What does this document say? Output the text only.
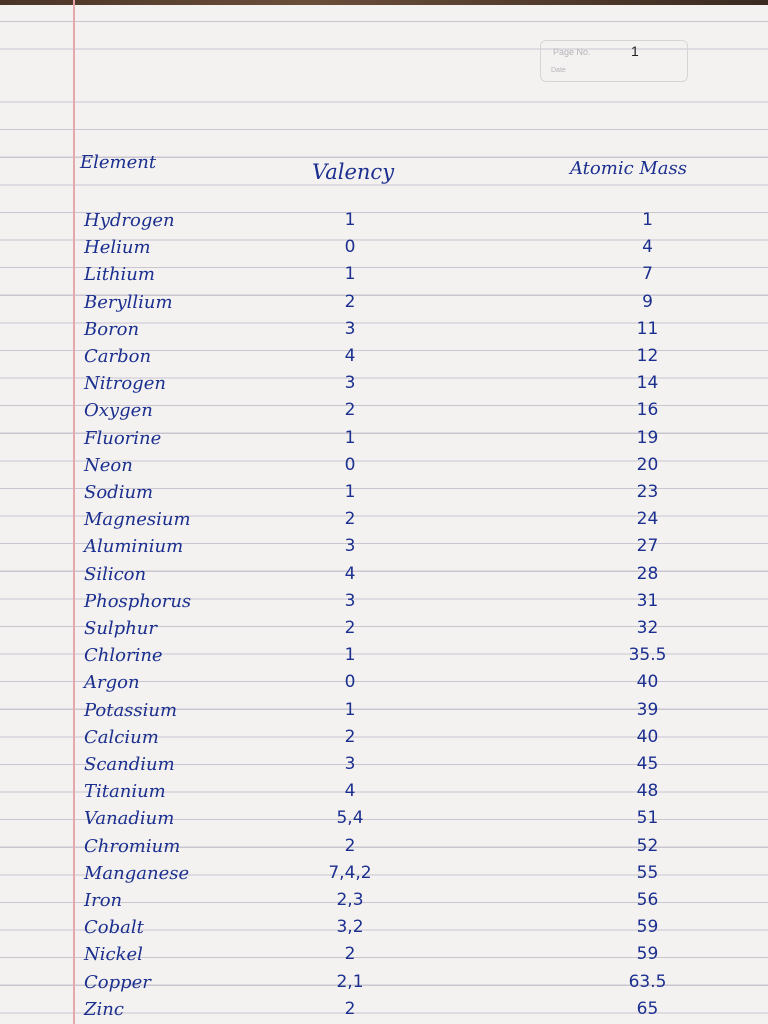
Page No.	1
Date
Element	Valency	Atomic Mass
Hydrogen	1	1
Helium	0	4
Lithium	1	7
Beryllium	2	9
Boron	3	11
Carbon	4	12
Nitrogen	3	14
Oxygen	2	16
Fluorine	1	19
Neon	0	20
Sodium	1	23
Magnesium	2	24
Aluminium	3	27
Silicon	4	28
Phosphorus	3	31
Sulphur	2	32
Chlorine	1	35.5
Argon	0	40
Potassium	1	39
Calcium	2	40
Scandium	3	45
Titanium	4	48
Vanadium	5,4	51
Chromium	2	52
Manganese	7,4,2	55
Iron	2,3	56
Cobalt	3,2	59
Nickel	2	59
Copper	2,1	63.5
Zinc	2	65
